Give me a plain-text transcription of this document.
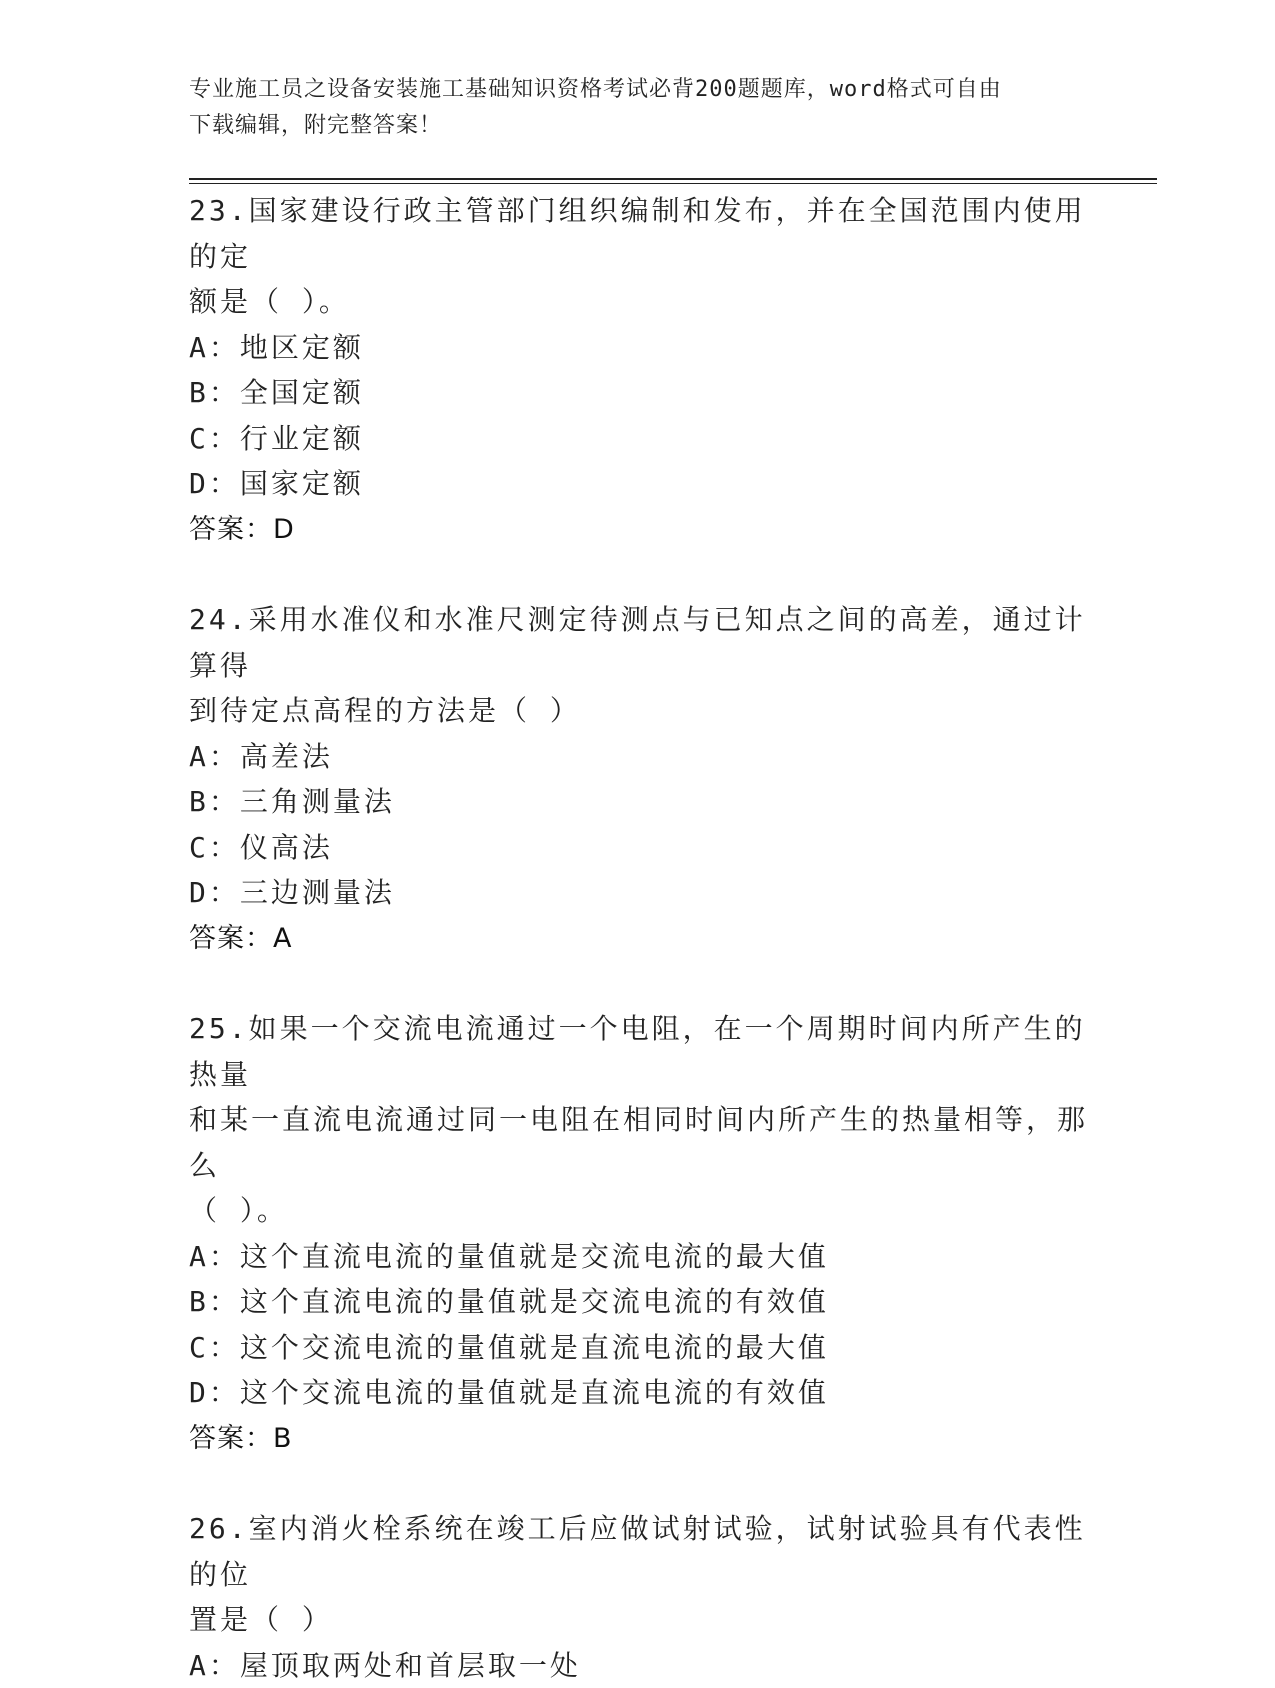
专业施工员之设备安装施工基础知识资格考试必背200题题库，word格式可自由
下载编辑，附完整答案！

23.国家建设行政主管部门组织编制和发布，并在全国范围内使用的定

额是（ ）。

A：地区定额

B：全国定额

C：行业定额

D：国家定额

答案：D

24.采用水准仪和水准尺测定待测点与已知点之间的高差，通过计算得

到待定点高程的方法是（ ）

A：高差法

B：三角测量法

C：仪高法

D：三边测量法

答案：A

25.如果一个交流电流通过一个电阻，在一个周期时间内所产生的热量

和某一直流电流通过同一电阻在相同时间内所产生的热量相等，那么

（ ）。

A：这个直流电流的量值就是交流电流的最大值

B：这个直流电流的量值就是交流电流的有效值

C：这个交流电流的量值就是直流电流的最大值

D：这个交流电流的量值就是直流电流的有效值

答案：B

26.室内消火栓系统在竣工后应做试射试验，试射试验具有代表性的位

置是（ ）

A：屋顶取两处和首层取一处
